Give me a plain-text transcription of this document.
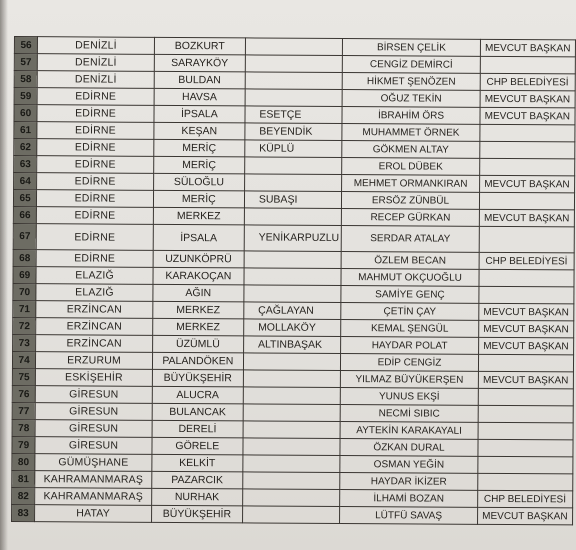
56	DENİZLİ	BOZKURT		BİRSEN ÇELİK	MEVCUT BAŞKAN
57	DENİZLİ	SARAYKÖY		CENGİZ DEMİRCİ	
58	DENİZLİ	BULDAN		HİKMET ŞENÖZEN	CHP BELEDİYESİ
59	EDİRNE	HAVSA		OĞUZ TEKİN	MEVCUT BAŞKAN
60	EDİRNE	İPSALA	ESETÇE	İBRAHİM ÖRS	MEVCUT BAŞKAN
61	EDİRNE	KEŞAN	BEYENDİK	MUHAMMET ÖRNEK	
62	EDİRNE	MERİÇ	KÜPLÜ	GÖKMEN ALTAY	
63	EDİRNE	MERİÇ		EROL DÜBEK	
64	EDİRNE	SÜLOĞLU		MEHMET ORMANKIRAN	MEVCUT BAŞKAN
65	EDİRNE	MERİÇ	SUBAŞI	ERSÖZ ZÜNBÜL	
66	EDİRNE	MERKEZ		RECEP GÜRKAN	MEVCUT BAŞKAN
67	EDİRNE	İPSALA	YENİKARPUZLU	SERDAR ATALAY	
68	EDİRNE	UZUNKÖPRÜ		ÖZLEM BECAN	CHP BELEDİYESİ
69	ELAZIĞ	KARAKOÇAN		MAHMUT OKÇUOĞLU	
70	ELAZIĞ	AĞIN		SAMİYE GENÇ	
71	ERZİNCAN	MERKEZ	ÇAĞLAYAN	ÇETİN ÇAY	MEVCUT BAŞKAN
72	ERZİNCAN	MERKEZ	MOLLAKÖY	KEMAL ŞENGÜL	MEVCUT BAŞKAN
73	ERZİNCAN	ÜZÜMLÜ	ALTINBAŞAK	HAYDAR POLAT	MEVCUT BAŞKAN
74	ERZURUM	PALANDÖKEN		EDİP CENGİZ	
75	ESKİŞEHİR	BÜYÜKŞEHİR		YILMAZ BÜYÜKERŞEN	MEVCUT BAŞKAN
76	GİRESUN	ALUCRA		YUNUS EKŞİ	
77	GİRESUN	BULANCAK		NECMİ SIBIC	
78	GİRESUN	DERELİ		AYTEKİN KARAKAYALI	
79	GİRESUN	GÖRELE		ÖZKAN DURAL	
80	GÜMÜŞHANE	KELKİT		OSMAN YEĞİN	
81	KAHRAMANMARAŞ	PAZARCIK		HAYDAR İKİZER	
82	KAHRAMANMARAŞ	NURHAK		İLHAMİ BOZAN	CHP BELEDİYESİ
83	HATAY	BÜYÜKŞEHİR		LÜTFÜ SAVAŞ	MEVCUT BAŞKAN
